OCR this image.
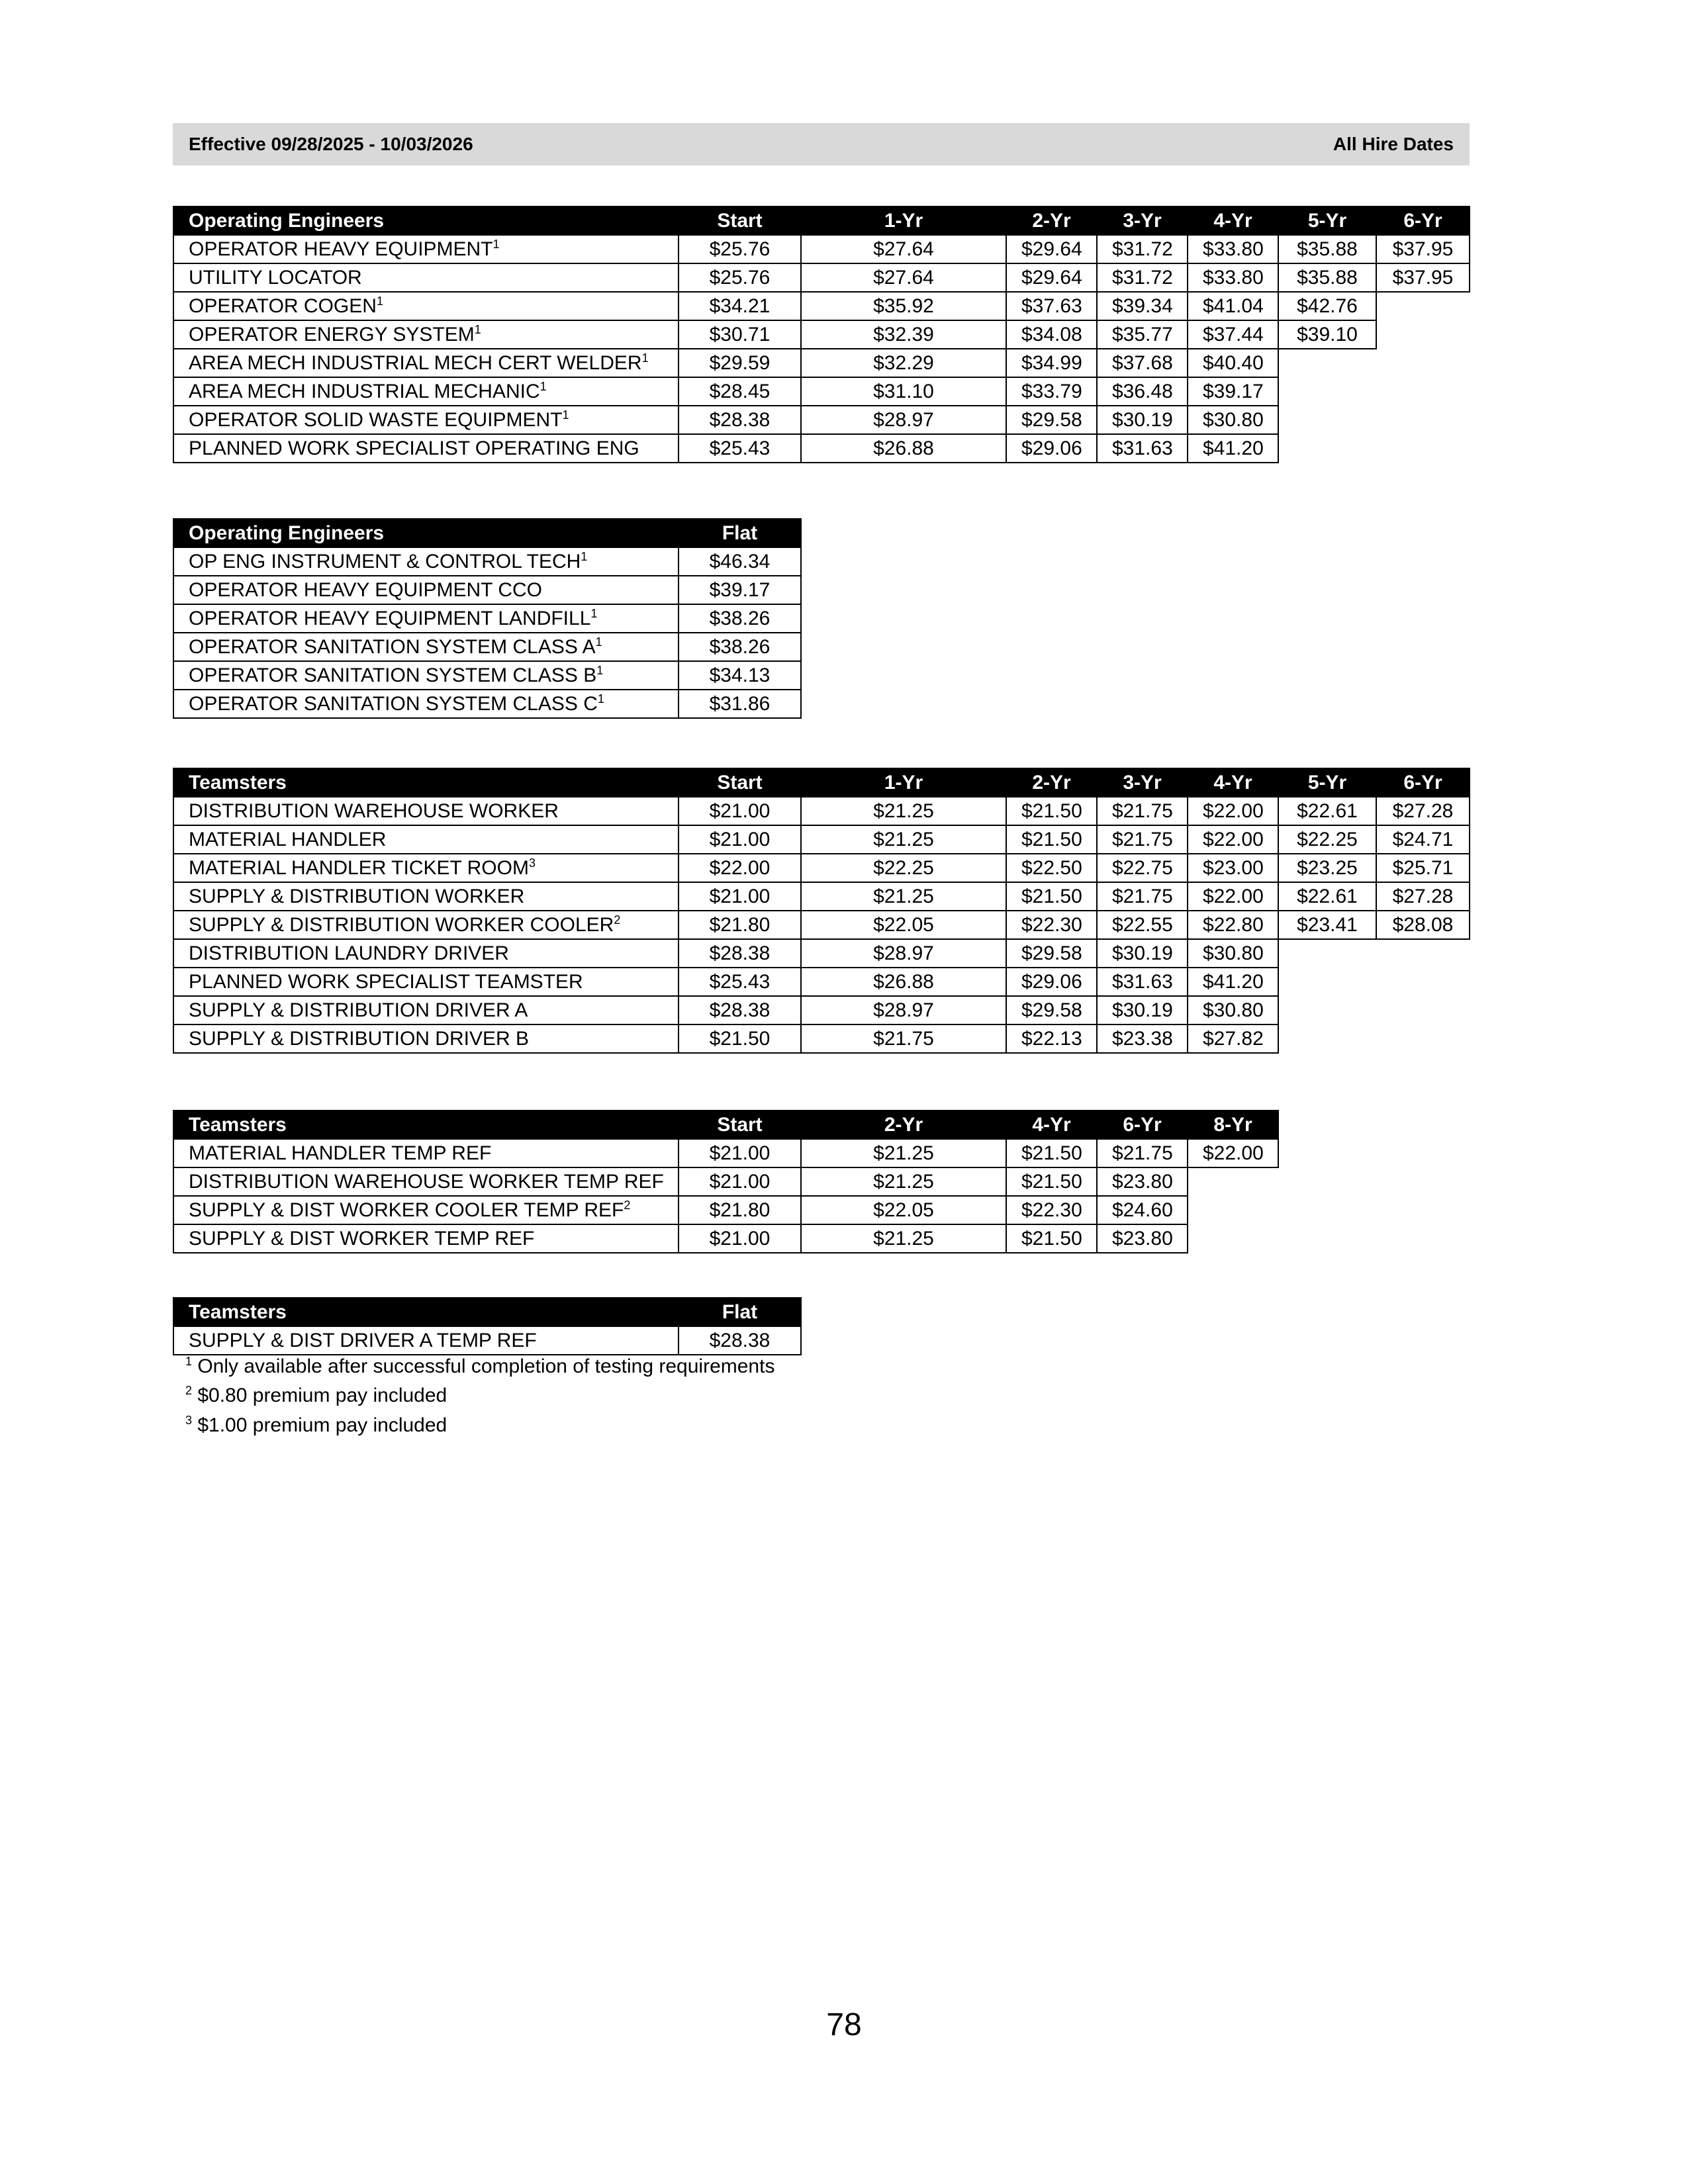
Effective 09/28/2025 - 10/03/2026	All Hire Dates
Operating Engineers	Start	1-Yr	2-Yr	3-Yr	4-Yr	5-Yr	6-Yr
OPERATOR HEAVY EQUIPMENT$^1$	$25.76	$27.64	$29.64	$31.72	$33.80	$35.88	$37.95
UTILITY LOCATOR	$25.76	$27.64	$29.64	$31.72	$33.80	$35.88	$37.95
OPERATOR COGEN$^1$	$34.21	$35.92	$37.63	$39.34	$41.04	$42.76	
OPERATOR ENERGY SYSTEM$^1$	$30.71	$32.39	$34.08	$35.77	$37.44	$39.10	
AREA MECH INDUSTRIAL MECH CERT WELDER$^1$	$29.59	$32.29	$34.99	$37.68	$40.40		
AREA MECH INDUSTRIAL MECHANIC$^1$	$28.45	$31.10	$33.79	$36.48	$39.17		
OPERATOR SOLID WASTE EQUIPMENT$^1$	$28.38	$28.97	$29.58	$30.19	$30.80		
PLANNED WORK SPECIALIST OPERATING ENG	$25.43	$26.88	$29.06	$31.63	$41.20		
Operating Engineers	Flat
OP ENG INSTRUMENT & CONTROL TECH$^1$	$46.34
OPERATOR HEAVY EQUIPMENT CCO	$39.17
OPERATOR HEAVY EQUIPMENT LANDFILL$^1$	$38.26
OPERATOR SANITATION SYSTEM CLASS $A^1$	$38.26
OPERATOR SANITATION SYSTEM CLASS $B^1$	$34.13
OPERATOR SANITATION SYSTEM CLASS $C^1$	$31.86
Teamsters	Start	1-Yr	2-Yr	3-Yr	4-Yr	5-Yr	6-Yr
DISTRIBUTION WAREHOUSE WORKER	$21.00	$21.25	$21.50	$21.75	$22.00	$22.61	$27.28
MATERIAL HANDLER	$21.00	$21.25	$21.50	$21.75	$22.00	$22.25	$24.71
MATERIAL HANDLER TICKET ROOM$^3$	$22.00	$22.25	$22.50	$22.75	$23.00	$23.25	$25.71
SUPPLY & DISTRIBUTION WORKER	$21.00	$21.25	$21.50	$21.75	$22.00	$22.61	$27.28
SUPPLY & DISTRIBUTION WORKER COOLER$^2$	$21.80	$22.05	$22.30	$22.55	$22.80	$23.41	$28.08
DISTRIBUTION LAUNDRY DRIVER	$28.38	$28.97	$29.58	$30.19	$30.80		
PLANNED WORK SPECIALIST TEAMSTER	$25.43	$26.88	$29.06	$31.63	$41.20		
SUPPLY & DISTRIBUTION DRIVER A	$28.38	$28.97	$29.58	$30.19	$30.80		
SUPPLY & DISTRIBUTION DRIVER B	$21.50	$21.75	$22.13	$23.38	$27.82		
Teamsters	Start	2-Yr	4-Yr	6-Yr	8-Yr
MATERIAL HANDLER TEMP REF	$21.00	$21.25	$21.50	$21.75	$22.00
DISTRIBUTION WAREHOUSE WORKER TEMP REF	$21.00	$21.25	$21.50	$23.80	
SUPPLY & DIST WORKER COOLER TEMP REF$^2$	$21.80	$22.05	$22.30	$24.60	
SUPPLY & DIST WORKER TEMP REF	$21.00	$21.25	$21.50	$23.80	
Teamsters	Flat
SUPPLY & DIST DRIVER A TEMP REF	$28.38
$^1$ Only available after successful completion of testing requirements
$^2$ $0.80 premium pay included
$^3$ $1.00 premium pay included
78
